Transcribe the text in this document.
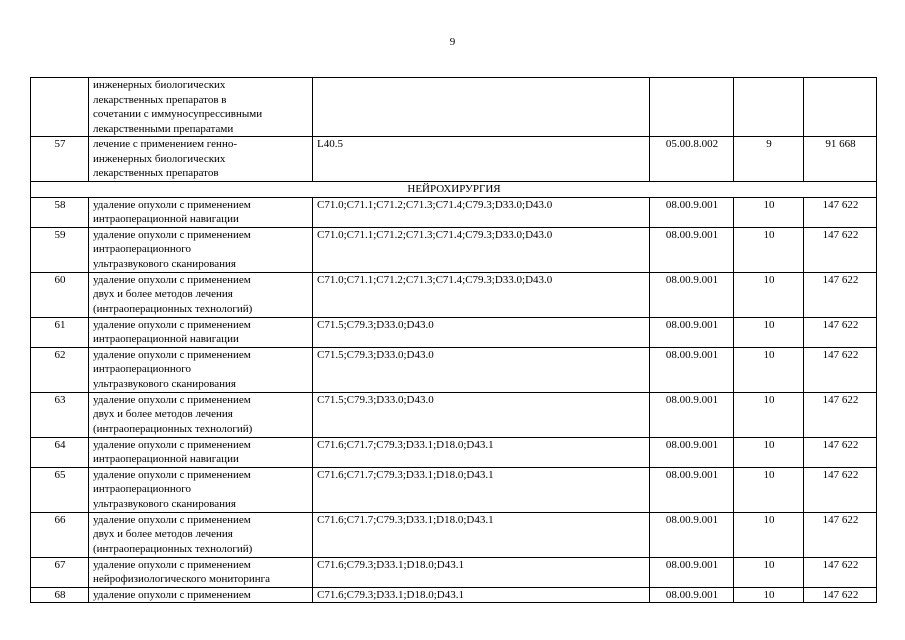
9

	инженерных биологических
лекарственных препаратов в
сочетании с иммуносупрессивными
лекарственными препаратами				

57	лечение с применением генно-
инженерных биологических
лекарственных препаратов	L40.5	05.00.8.002	9	91 668
НЕЙРОХИРУРГИЯ					
58	удаление опухоли с применением
интраоперационной навигации	C71.0;C71.1;C71.2;C71.3;C71.4;C79.3;D33.0;D43.0	08.00.9.001	10	147 622
59	удаление опухоли с применением
интраоперационного
ультразвукового сканирования	C71.0;C71.1;C71.2;C71.3;C71.4;C79.3;D33.0;D43.0	08.00.9.001	10	147 622
60	удаление опухоли с применением
двух и более методов лечения
(интраоперационных технологий)	C71.0;C71.1;C71.2;C71.3;C71.4;C79.3;D33.0;D43.0	08.00.9.001	10	147 622
61	удаление опухоли с применением
интраоперационной навигации	C71.5;C79.3;D33.0;D43.0	08.00.9.001	10	147 622
62	удаление опухоли с применением
интраоперационного
ультразвукового сканирования	C71.5;C79.3;D33.0;D43.0	08.00.9.001	10	147 622
63	удаление опухоли с применением
двух и более методов лечения
(интраоперационных технологий)	C71.5;C79.3;D33.0;D43.0	08.00.9.001	10	147 622
64	удаление опухоли с применением
интраоперационной навигации	C71.6;C71.7;C79.3;D33.1;D18.0;D43.1	08.00.9.001	10	147 622
65	удаление опухоли с применением
интраоперационного
ультразвукового сканирования	C71.6;C71.7;C79.3;D33.1;D18.0;D43.1	08.00.9.001	10	147 622
66	удаление опухоли с применением
двух и более методов лечения
(интраоперационных технологий)	C71.6;C71.7;C79.3;D33.1;D18.0;D43.1	08.00.9.001	10	147 622
67	удаление опухоли с применением
нейрофизиологического мониторинга	C71.6;C79.3;D33.1;D18.0;D43.1	08.00.9.001	10	147 622
68	удаление опухоли с применением	C71.6;C79.3;D33.1;D18.0;D43.1	08.00.9.001	10	147 622
